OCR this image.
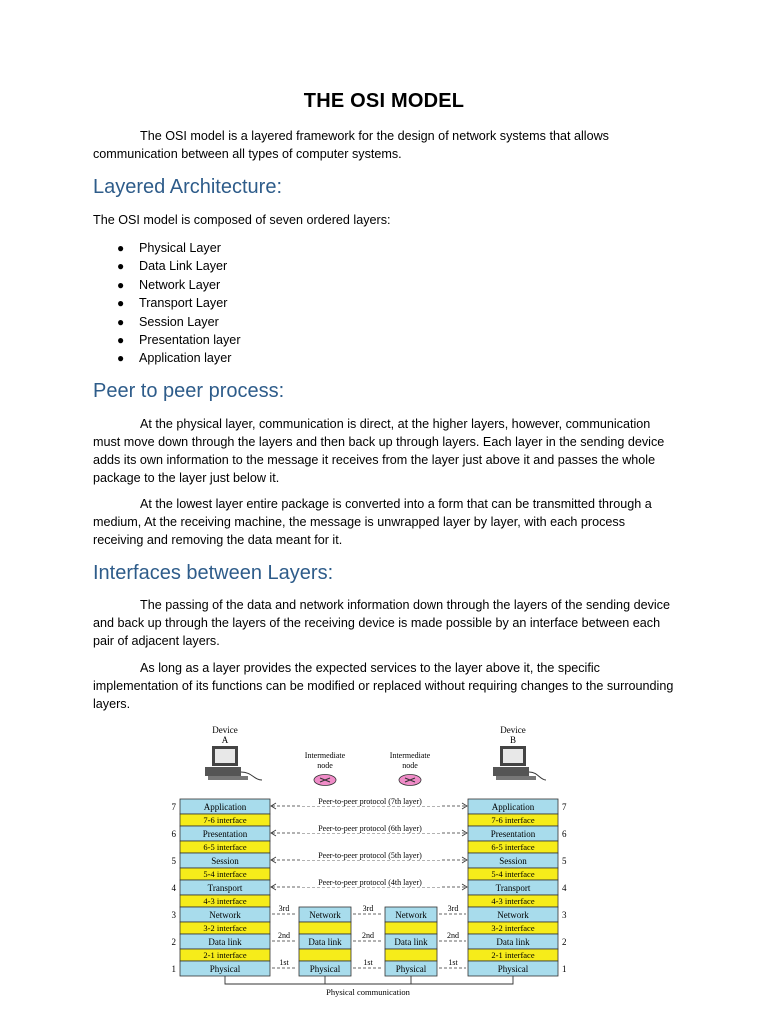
THE OSI MODEL

The OSI model is a layered framework for the design of network systems that allows communication between all types of computer systems.

Layered Architecture:

The OSI model is composed of seven ordered layers:

● Physical Layer
● Data Link Layer
● Network Layer
● Transport Layer
● Session Layer
● Presentation layer
● Application layer
Peer to peer process:

At the physical layer, communication is direct, at the higher layers, however, communication must move down through the layers and then back up through layers. Each layer in the sending device adds its own information to the message it receives from the layer just above it and passes the whole package to the layer just below it.

At the lowest layer entire package is converted into a form that can be transmitted through a medium, At the receiving machine, the message is unwrapped layer by layer, with each process receiving and removing the data meant for it.

Interfaces between Layers:

The passing of the data and network information down through the layers of the sending device and back up through the layers of the receiving device is made possible by an interface between each pair of adjacent layers.

As long as a layer provides the expected services to the layer above it, the specific implementation of its functions can be modified or replaced without requiring changes to the surrounding layers.

Device
A
Device
B
Intermediate
node
Intermediate
node
Application
7-6 interface
Presentation
6-5 interface
Session
5-4 interface
Transport
4-3 interface
Network
3-2 interface
Data link
2-1 interface
Physical
Application
7-6 interface
Presentation
6-5 interface
Session
5-4 interface
Transport
4-3 interface
Network
3-2 interface
Data link
2-1 interface
Physical
7
6
5
4
3
2
1
7
6
5
4
3
2
1
Peer-to-peer protocol (7th layer)
Peer-to-peer protocol (6th layer)
Peer-to-peer protocol (5th layer)
Peer-to-peer protocol (4th layer)
Network
Data link
Physical
Network
Data link
Physical
3rd	3rd	3rd
2nd	2nd	2nd
1st	1st	1st
Physical communication
